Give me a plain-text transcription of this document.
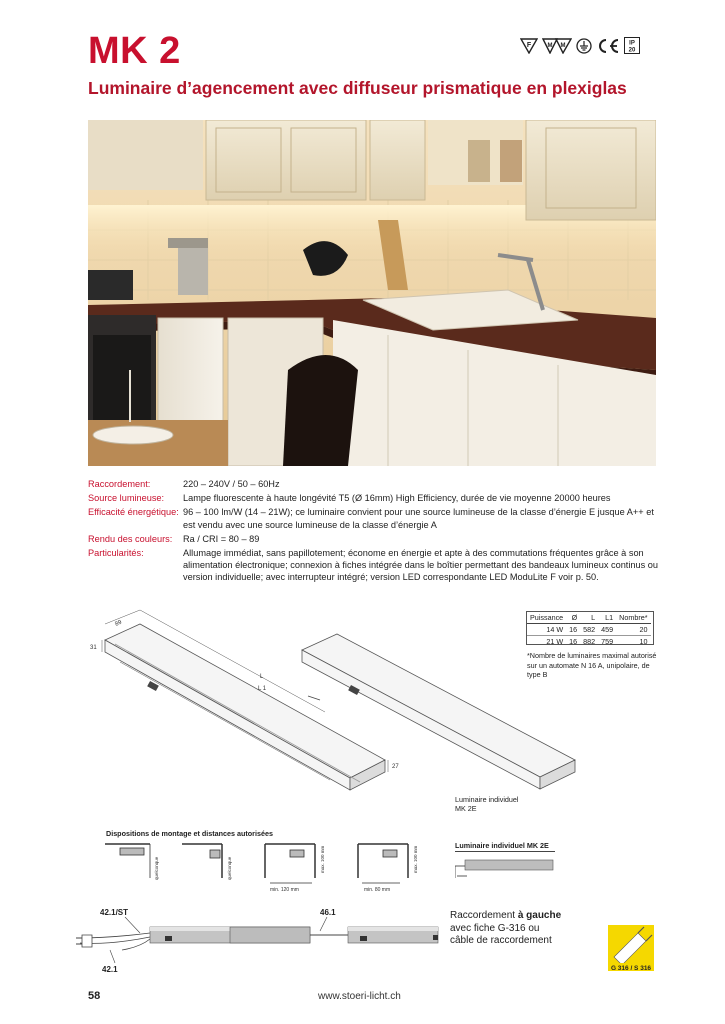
MK 2
Luminaire d’agencement avec diffuseur prismatique en plexiglas
F	M M	IP
20
Raccordement:	220 – 240V / 50 – 60Hz
Source lumineuse:	Lampe fluorescente à haute longévité T5 (Ø 16mm) High Efficiency, durée de vie moyenne 20000 heures
Efficacité énergétique: 96 – 100 lm/W (14 – 21W); ce luminaire convient pour une source lumineuse de la classe d’énergie E jusque A++ et est vendu avec une source lumineuse de la classe d’énergie A
Rendu des couleurs:	Ra / CRI = 80 – 89
Particularités:	Allumage immédiat, sans papillotement; économe en énergie et apte à des commutations fréquentes grâce à son alimentation électronique; connexion à fiches intégrée dans le boîtier permettant des bandeaux lumineux continus ou version individuelle; avec interrupteur intégré; version LED correspondante LED ModuLite F voir p. 50.
89
31
L
L 1
27
Puissance	Ø	L	L1	Nombre*
14 W	16	582	459	20
21 W	16	882	759	10
*Nombre de luminaires maximal autorisé sur un automate N 16 A, unipolaire, de type B
Luminaire individuel
MK 2E
Dispositions de montage et distances autorisées
quelconque	quelconque
min. 120 mm
max. 100 mm
min. 80 mm
max. 100 mm
Luminaire individuel MK 2E
42.1/ST	46.1
42.1
Raccordement à gauche
avec fiche G-316 ou
câble de raccordement
G 316 / S 316
58	www.stoeri-licht.ch
